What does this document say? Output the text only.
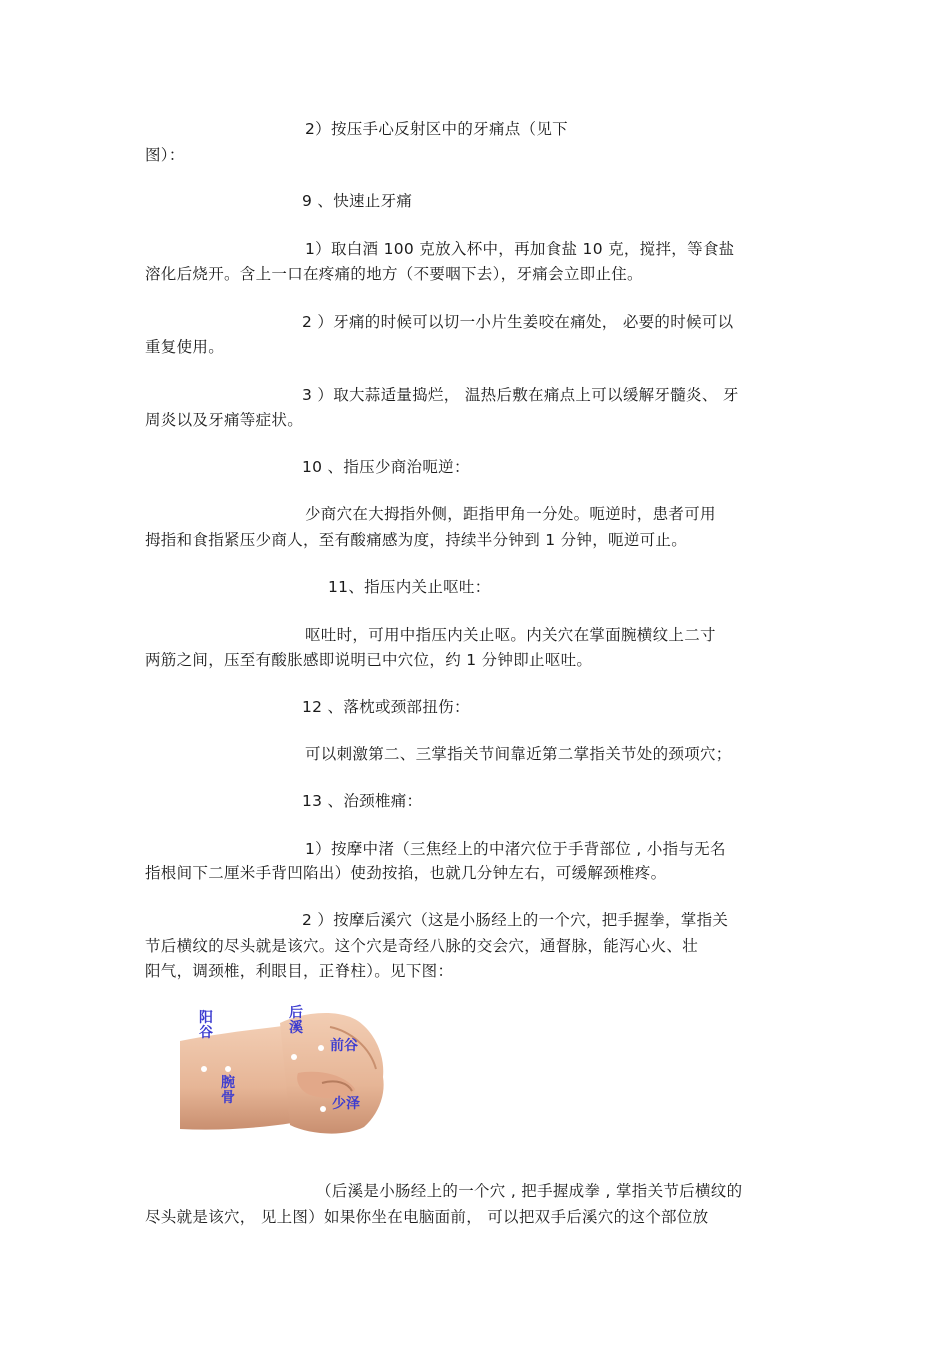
2）按压手心反射区中的牙痛点（见下
图）：
9 、快速止牙痛
1）取白酒 100 克放入杯中，再加食盐 10 克，搅拌，等食盐
溶化后烧开。含上一口在疼痛的地方（不要咽下去），牙痛会立即止住。
2 ）牙痛的时候可以切一小片生姜咬在痛处， 必要的时候可以
重复使用。
3 ）取大蒜适量捣烂， 温热后敷在痛点上可以缓解牙髓炎、 牙
周炎以及牙痛等症状。
10 、指压少商治呃逆：
少商穴在大拇指外侧，距指甲角一分处。呃逆时，患者可用
拇指和食指紧压少商人，至有酸痛感为度，持续半分钟到 1 分钟，呃逆可止。
11、指压内关止呕吐：
呕吐时，可用中指压内关止呕。内关穴在掌面腕横纹上二寸
两筋之间，压至有酸胀感即说明已中穴位，约 1 分钟即止呕吐。
12 、落枕或颈部扭伤：
可以刺激第二、三掌指关节间靠近第二掌指关节处的颈项穴；
13 、治颈椎痛：
1）按摩中渚（三焦经上的中渚穴位于手背部位 , 小指与无名
指根间下二厘米手背凹陷出）使劲按掐，也就几分钟左右，可缓解颈椎疼。
2 ）按摩后溪穴（这是小肠经上的一个穴，把手握拳，掌指关
节后横纹的尽头就是该穴。这个穴是奇经八脉的交会穴，通督脉，能泻心火、壮
阳气，调颈椎，利眼目，正脊柱）。见下图：
阳谷
后溪
前谷
腕骨	少泽
（后溪是小肠经上的一个穴 , 把手握成拳 , 掌指关节后横纹的
尽头就是该穴， 见上图）如果你坐在电脑面前， 可以把双手后溪穴的这个部位放
